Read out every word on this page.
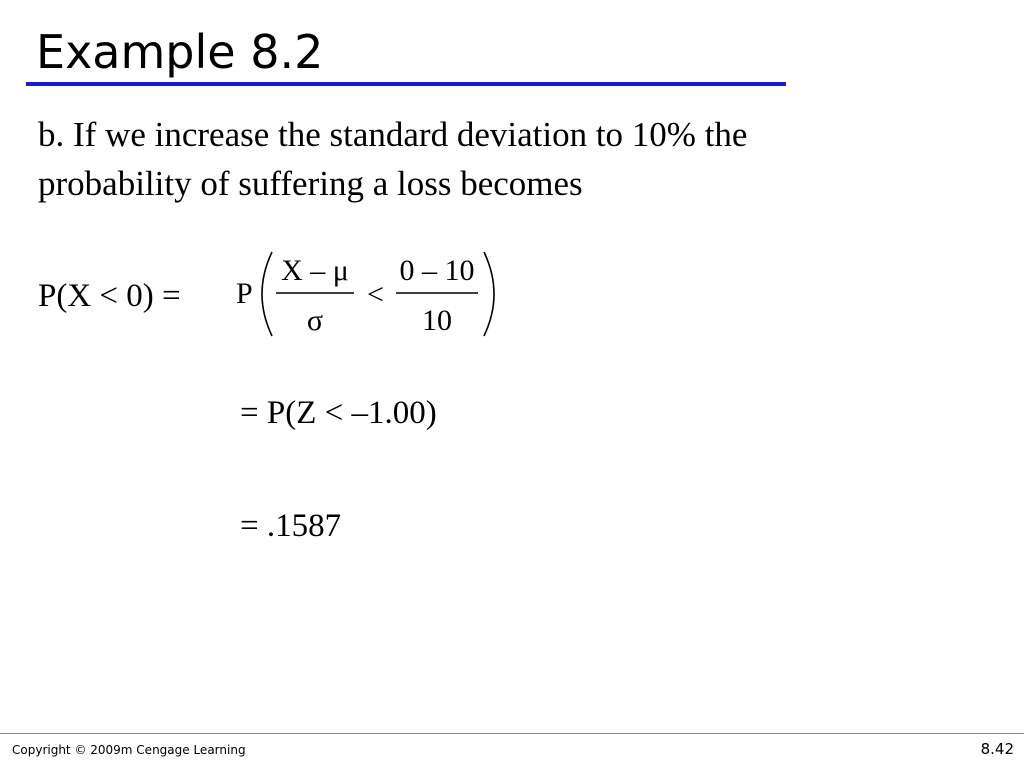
Example 8.2
b. If we increase the standard deviation to 10% the
probability of suffering a loss becomes
P(X < 0) = P
X – μ
σ
<
0 – 10
10
= P(Z < –1.00)
= .1587
Copyright © 2009m Cengage Learning	8.42
